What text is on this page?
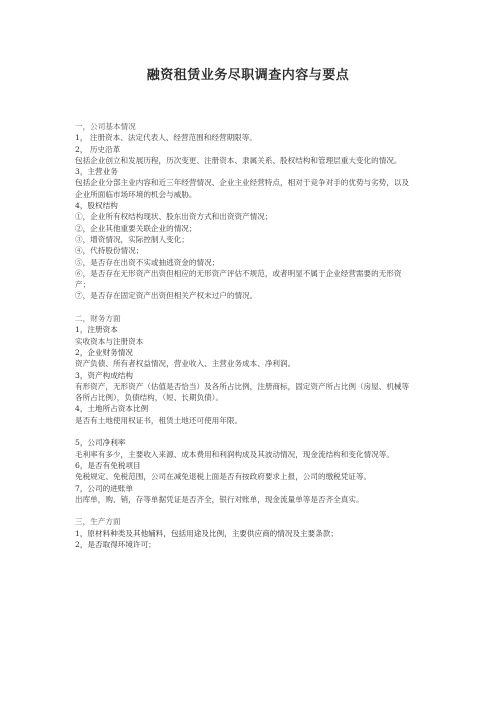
融资租赁业务尽职调查内容与要点

一，公司基本情况

1， 注册资本、法定代表人、经营范围和经营期限等。

2， 历史沿革

包括企业创立和发展历程，历次变更、注册资本、隶属关系、股权结构和管理层重大变化的情况。

3，主营业务

包括企业分部主业内容和近三年经营情况、企业主业经营特点，相对于竞争对手的优势与劣势，以及企业所面临市场环境的机会与威胁。

4，股权结构

①，企业所有权结构现状、股东出资方式和出资资产情况；

②，企业其他重要关联企业的情况；

③，增资情况，实际控制人变化；

④，代持股份情况；

⑤，是否存在出资不实或抽逃资金的情况；

⑥，是否存在无形资产出资但相应的无形资产评估不规范，或者明显不属于企业经营需要的无形资产；

⑦，是否存在固定资产出资但相关产权未过户的情况。

二，财务方面

1，注册资本

实收资本与注册资本

2，企业财务情况

资产负债、所有者权益情况，营业收入、主营业务成本、净利润。

3，资产构成结构

有形资产，无形资产（估值是否恰当）及各所占比例，注册商标，固定资产所占比例（房屋、机械等各所占比例），负债结构，（短、长期负债）。

4，土地所占资本比例

是否有土地使用权证书，租赁土地还可使用年限。

5，公司净利率

毛利率有多少，主要收入来源、成本费用和利润构成及其波动情况，现金流结构和变化情况等。

6，是否有免税项目

免税规定、免税范围，公司在减免退税上面是否有按政府要求上报，公司的缴税凭证等。

7，公司的进账单

出库单，购、销，存等单据凭证是否齐全，银行对账单，现金流量单等是否齐全真实。

三，生产方面

1，原材料种类及其他辅料，包括用途及比例，主要供应商的情况及主要条款；

2，是否取得环境许可；
